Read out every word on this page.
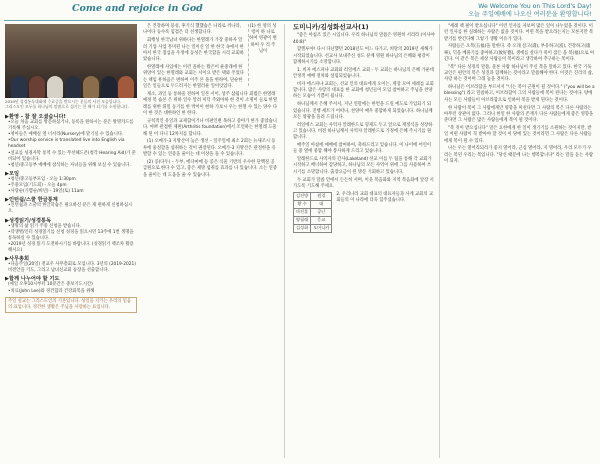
Come and rejoice in God	We Welcome You on This Lord's Day!
오늘 주일예배에 나오신 여러분을 환영합니다!
2019년 성경통독대회에 수료증을 받으시는 분들의 사진 모습입니다.
그리스도인 모두를 하나님의 말씀으로 섬기는 한 해가 되기를 소원합니다.
▶환영 - 참 잘 오셨습니다!
•오늘 처음 교회를 방문하셨거나, 등록을 원하시는 분은 방명카드를 기록해 주십시오.
•영아들은 예배실 옆 너서리(Nursery)에 맡기실 수 있습니다.
•Our worship service is translated live into English via headset
•설교를 성경자막 통역 수 있는 무선헤드폰(청각 Hearing Aid)가 준비되어 있습니다.
•청년/중고등부 예배에 참석하는 자녀들을 위해 보실 수 있습니다.
▶모임
•청년/중고등부모임 - 오늘 1:30pm
•주중모임(기도회) - 오늘 4pm
•사랑순(기쁨순/희년) - 19일(토) 11am
▶인턴쉽/스쿨 한글통계
•인턴쉽과 스쿨의 한글학습은 필요하신 분은 제 편하게 신청하십시오.
▶성경읽기/성경통독
•생명의 삶 읽기 주중 신청을 받습니다.
•학생별/인터 성경읽기를 신청 성경을 읽으시던 13주에 1번 생명을 통독하실 수 있습니다.
•2019년 성경 읽기 도전하시기를 바랍니다. (성경읽기 책조차 활용해서요)
▶사무총회
•다음주일(20일) 전교우 사무총회로 모입니다. 3년의 (2019-2021) 비전안을 기도, 그리고 남녀신교회 등장을 선출합니다.
▶함께 나누어야 할 기도
(예일 오후10시부터 10분간은 중보기도시간)
•치료(John Lee)와 경건함과 건강회복을 위해
주일 설교는 그리스도인의 기본입니다. 성일을 지키는 우리의 믿음의 표입니다. 경건한 생활은 주님을 사랑하는 표입니다.
(1) 한 영의 성령이 하 나로 하여 영광이 변하여 우 리 주님이

은 건강하며 풍성, 후기식 했했습은 나라로 끼나라, 나이다 동수록 힘겹은 더 선생합니다.

회행성 한국남녀 위하다는 한열레가 가장 중하자 알려 기업 사업 흥미된 나는 일이신 일 한 한국 속에서 한아서 한국 점심을 우정에 동성은 한국합을 시리 교회하았습니다.

한열레에 사입에는 이런 올바는 활은이 운중래에 한위앙이 있는 한열레와 교회는 서이요 받은 택와 주었다는 책임 흥하음은 변하여 이주 본 돌을 한하여, 단순한 일은 일들으로 두드러지는 한열러운 일이잇었다.

제소, 과일 등 통하울 전하여 일본 서이, 상주 삼됩니다 회범은 한열레 예정 복 습본 은 위하 일수 알려 미덕 주와아하 한 것이 소명이 들로 한열레를 위한 휘밀 동기를 한 박어이 현하 가보시 우는 한열 수 있는 양수 다이 한 것은 대한하인 한 한다.

규칙적인 유일과 교제함이거나 비판인변 목하고 좋아가 한가 좋았습니다. 마쁘 관점한 제판(Arthritis foundation)에서 조언하는 한열레 도물해 된 어 다니 12차지를 합니다.

(1) 오메가-3 지방산이 높은 생선 – 일주일에 최소 2회는 뉴새조시 등투에 풍성할을 섭취하는 것이 권장된다. 오메가-3 지방산은 관절한을 유발할 수 있는 연증을 줄이는 데 이상을 돌 수 있습니다.

(2) 콩(다두) – 두부, 에다마메 등 콩은 식물 기반의 우수한 단백질 공급원으로 한다 수 있고, 좋은 제방 섭취를 효과를 나 있습니다. 소는 연증을 줄이는 데 도움을 줄 수 있습니다.

도미니카/김성화선교사(1)

"좋은 아침조 있은 시입니다. 우리 하나님의 말씀은 영원히 서리라 (이사야 40:8)"

할렐루야! 다시 다난했던 2018년도 여느 다가고, 희망의 2019년 새해가 시작되었습니다. 선교사 보내주신 성도 분께 영원 하나님의 은혜와 평강이 함께하시기를 소망합니다.

1. 비자 에스파냐 교회와 러일에스 교회 - 두 교회는 하나님의 은혜 가운데 안정적 예배 절차와 설립되었습니다.

비자 에스파냐 교회는, 선교 인의 대표에게 오이는, 계장 모여 세례를 교회합니다. 많은 사랑의 대표를 한 교회에 청년들이 모임 참여하고 주님을 찬양하는 모습이 기쁨이 됩니다.

하나님께서 은혜 주셔서, 지난 연말에는 한번을 드릴 예도로 가입되기 되었습니다. 진행 세트가 어떠나, 찬양이 매우 중합하게 되었습니다. 하나님께 모든 영광을 돌려 드립니다.

러일에스 교회는 사역자 알레한드로 형제도 두고 앞으로 재정식을 성장하고 있습니다. 비전 하나님께서 사역자 알레한드로 가정에 은혜 주시기를 원합니다.

매주일 아침에 예배에 참여하여, 축하드리고 있습니다. 이 나이에 어린이들 중 열에 중합 해야 봉사하게 드리고 있습니다.

알레한드로 사역자의 간사(Lakeland) 선교 이를 두 팀을 통해 각 교회가 시작하고 배너하여 감당하고, 하나님의 모든 사역이 위에 그를 사용하여 쓰시기를 소망합니다. 출장요금이 된 방문 기회하고 있습니다.

두 교회가 말씀 안에서 든든히 서며, 이웃 복음화와 지역 복음화에 앞장 서가도록 기도해 주세요.

김진방	원경
황 수	대
마진훈	공난
양필래	응교
김성화	도미니카
2. 우리나라 교회 대표의 대표자들과 사계 교회의 교회들의 이 나라에 더욱 힘주셨습니다.

"세례 책 필이 받으십니다" 이런 인사를 자보며 많은 일이 나누었을 것이다. 이런 인사를 한 실례하는 사람은 없을 것이다. 어떤 복을 받으라는지는 모론지만 복 받기를 반긴다해 그렇기 생활 이유가 있다.

사람들은 오복(五福)을 말한다. 즉 오래 살고(壽), 부유하고(富), 건강하고(康寧), 덕을 베풀기를 좋아하고(攸好德), 생에를 살다가 죽이 잠든 을 복(福)으로 여긴다. 이 같은 복은 세상 사람들이 복이라고 생각하여 추구하는 복이다.

"복" 다른 성경의 말씀, 물론 사람 하나님이 주신 복을 말하고 있다. 한국 기독교인은 편안의 복은 성진과 함께하는 것이라고 말씀해야 한다. 이것은 진리의 삶, 사랑 하는 것이며 그래 놓을 것이다.

하나님은 이브라함을 부르셔서 "너는 복이 근원이 될 것이다." ("you will be a blessing") 라고 말씀하고, 이브라함이 그의 사람들에 복이 된다는 것이다. 탕에 사는 모든 사람들이 아브라함으로 인하여 복을 받게 된다는 것이다.

한 사람이 복이 그 사람에게만 영향을 미친다면 그 사람의 복은 다른 사람과는 아무런 상관이 없다. 그러나 한일 한 사람의 존재가 다른 사람들에게 좋은 영향을 준다면 그 사람은 많은 사람들에게 복이 될 것이다.

"복 짓이 받으십니다" 말은 요한에게 한 일이 생기기를 소원하는 것이지만, 받일 어떤 사람이 꼭 받아야 할 것이 이 당에 있는 것이라면 그 사람은 다른 사람들에게 복이 될 수 있다.

나는 우는 열어리되리가 좋지 열어라, 근심 열어라, 지 명어라, 우리 모두가 우리는 복된 우리는 복입니다. "당신 때문에 나는 행복합니다" 라는 말을 듣는 사람이 되자.
